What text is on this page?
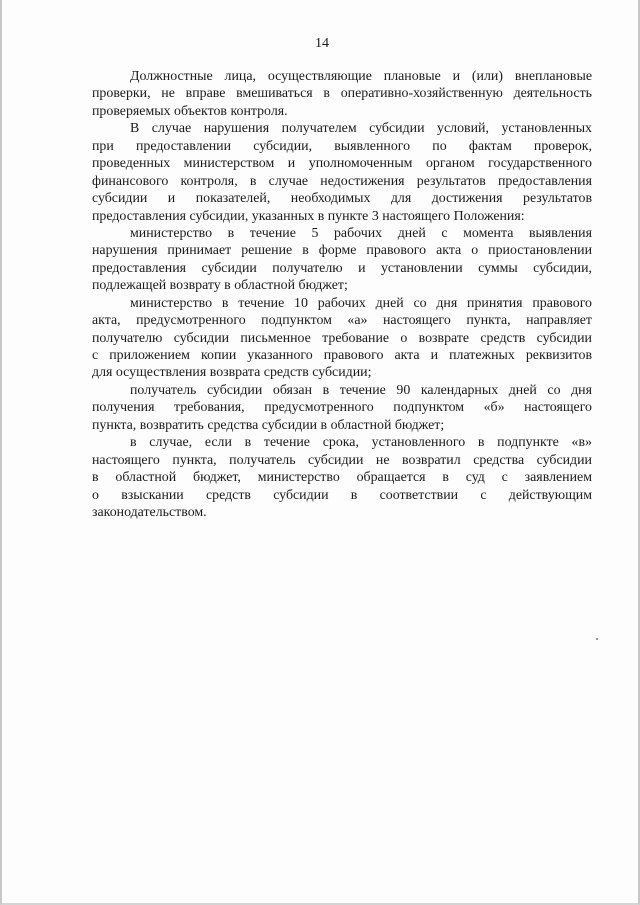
14
Должностные лица, осуществляющие плановые и (или) внеплановые
проверки, не вправе вмешиваться в оперативно-хозяйственную деятельность
проверяемых объектов контроля.
В случае нарушения получателем субсидии условий, установленных
при предоставлении субсидии, выявленного по фактам проверок,
проведенных министерством и уполномоченным органом государственного
финансового контроля, в случае недостижения результатов предоставления
субсидии и показателей, необходимых для достижения результатов
предоставления субсидии, указанных в пункте 3 настоящего Положения:
министерство в течение 5 рабочих дней с момента выявления
нарушения принимает решение в форме правового акта о приостановлении
предоставления субсидии получателю и установлении суммы субсидии,
подлежащей возврату в областной бюджет;
министерство в течение 10 рабочих дней со дня принятия правового
акта, предусмотренного подпунктом «а» настоящего пункта, направляет
получателю субсидии письменное требование о возврате средств субсидии
с приложением копии указанного правового акта и платежных реквизитов
для осуществления возврата средств субсидии;
получатель субсидии обязан в течение 90 календарных дней со дня
получения требования, предусмотренного подпунктом «б» настоящего
пункта, возвратить средства субсидии в областной бюджет;
в случае, если в течение срока, установленного в подпункте «в»
настоящего пункта, получатель субсидии не возвратил средства субсидии
в областной бюджет, министерство обращается в суд с заявлением
о взыскании средств субсидии в соответствии с действующим
законодательством.
